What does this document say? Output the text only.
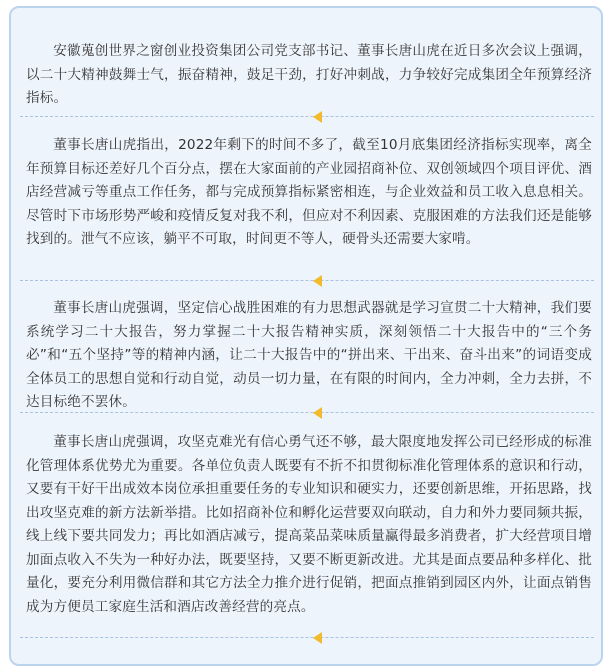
安徽蒐创世界之窗创业投资集团公司党支部书记、董事长唐山虎在近日多次会议上强调，以二十大精神鼓舞士气，振奋精神，鼓足干劲，打好冲刺战，力争较好完成集团全年预算经济指标。

董事长唐山虎指出，2022年剩下的时间不多了，截至10月底集团经济指标实现率，离全年预算目标还差好几个百分点，摆在大家面前的产业园招商补位、双创领域四个项目评优、酒店经营减亏等重点工作任务，都与完成预算指标紧密相连，与企业效益和员工收入息息相关。尽管时下市场形势严峻和疫情反复对我不利，但应对不利因素、克服困难的方法我们还是能够找到的。泄气不应该，躺平不可取，时间更不等人，硬骨头还需要大家啃。

董事长唐山虎强调，坚定信心战胜困难的有力思想武器就是学习宣贯二十大精神，我们要系统学习二十大报告，努力掌握二十大报告精神实质，深刻领悟二十大报告中的“三个务必”和“五个坚持”等的精神内涵，让二十大报告中的“拼出来、干出来、奋斗出来”的词语变成全体员工的思想自觉和行动自觉，动员一切力量，在有限的时间内，全力冲刺，全力去拼，不达目标绝不罢休。

董事长唐山虎强调，攻坚克难光有信心勇气还不够，最大限度地发挥公司已经形成的标准化管理体系优势尤为重要。各单位负责人既要有不折不扣贯彻标准化管理体系的意识和行动，又要有干好干出成效本岗位承担重要任务的专业知识和硬实力，还要创新思维，开拓思路，找出攻坚克难的新方法新举措。比如招商补位和孵化运营要双向联动，自力和外力要同频共振，线上线下要共同发力；再比如酒店减亏，提高菜品菜味质量赢得最多消费者，扩大经营项目增加面点收入不失为一种好办法，既要坚持，又要不断更新改进。尤其是面点要品种多样化、批量化，要充分利用微信群和其它方法全力推介进行促销，把面点推销到园区内外，让面点销售成为方便员工家庭生活和酒店改善经营的亮点。
